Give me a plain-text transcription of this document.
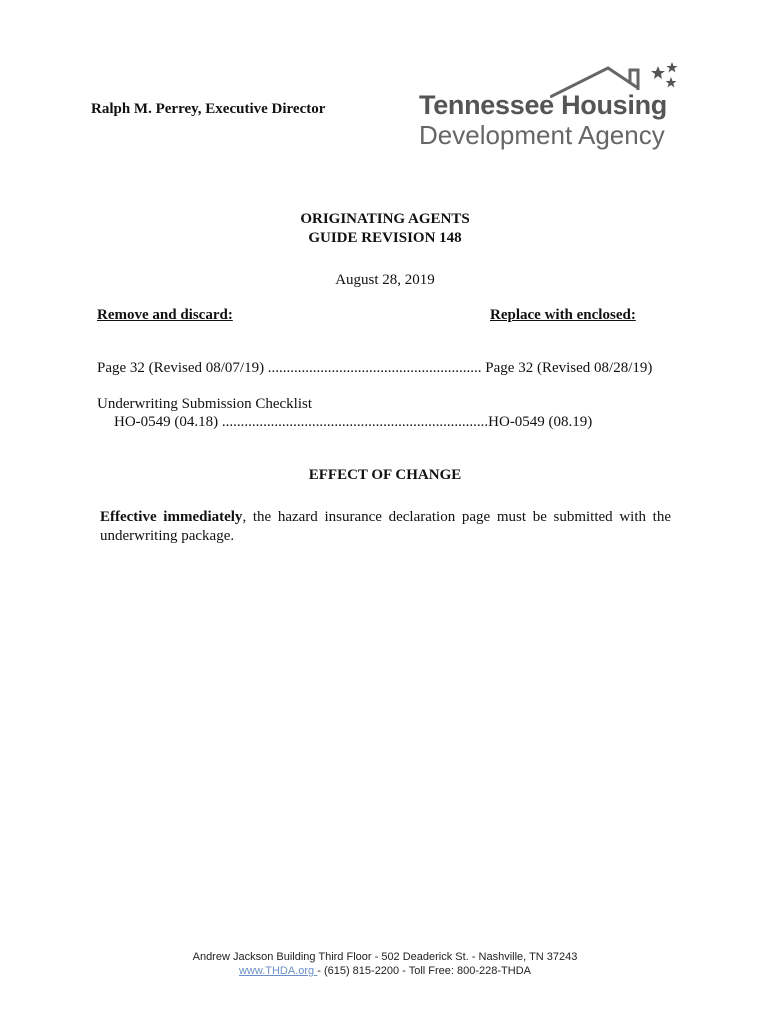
Ralph M. Perrey, Executive Director	Tennessee Housing
Development Agency
ORIGINATING AGENTS
GUIDE REVISION 148
August 28, 2019
Remove and discard:	Replace with enclosed:
Page 32 (Revised 08/07/19) ......................................................... Page 32 (Revised 08/28/19)
Underwriting Submission Checklist
HO-0549 (04.18) .......................................................................HO-0549 (08.19)
EFFECT OF CHANGE
Effective immediately, the hazard insurance declaration page must be submitted with the underwriting package.
Andrew Jackson Building Third Floor - 502 Deaderick St. - Nashville, TN 37243
www.THDA.org - (615) 815-2200 - Toll Free: 800-228-THDA
